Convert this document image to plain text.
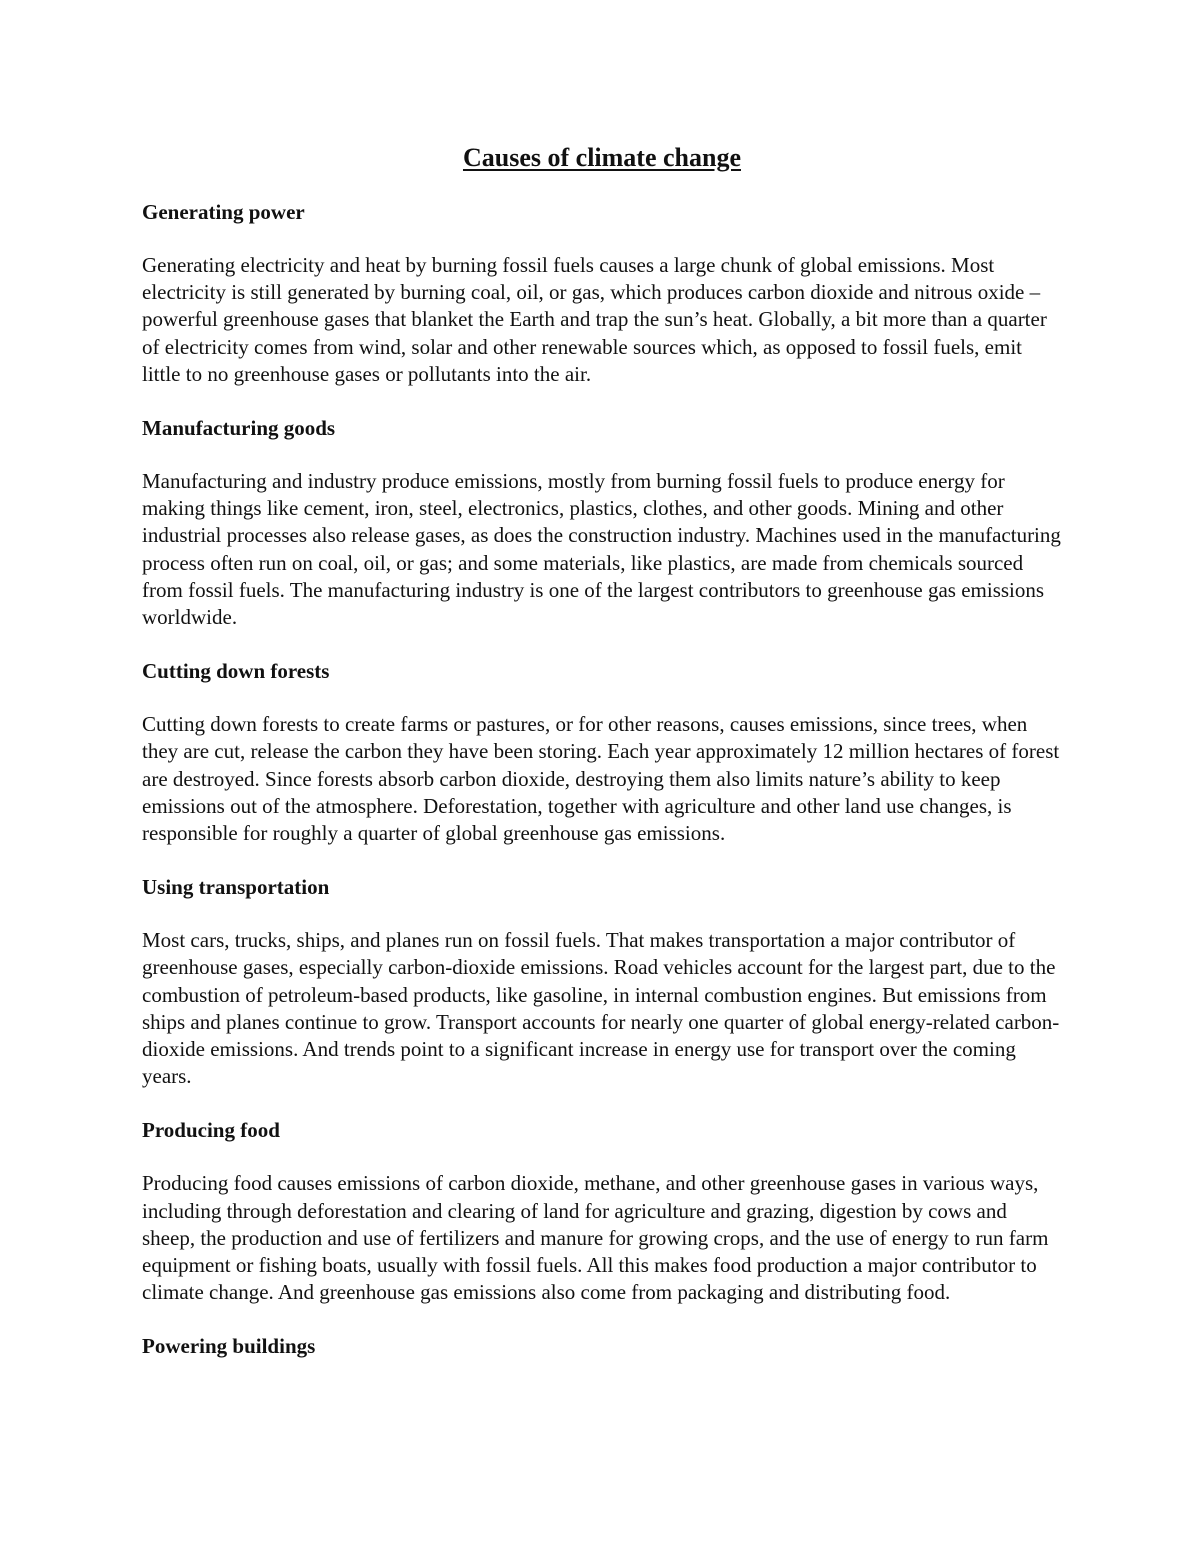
Causes of climate change
Generating power

Generating electricity and heat by burning fossil fuels causes a large chunk of global emissions. Most electricity is still generated by burning coal, oil, or gas, which produces carbon dioxide and nitrous oxide – powerful greenhouse gases that blanket the Earth and trap the sun’s heat. Globally, a bit more than a quarter of electricity comes from wind, solar and other renewable sources which, as opposed to fossil fuels, emit little to no greenhouse gases or pollutants into the air.

Manufacturing goods

Manufacturing and industry produce emissions, mostly from burning fossil fuels to produce energy for making things like cement, iron, steel, electronics, plastics, clothes, and other goods. Mining and other industrial processes also release gases, as does the construction industry. Machines used in the manufacturing process often run on coal, oil, or gas; and some materials, like plastics, are made from chemicals sourced from fossil fuels. The manufacturing industry is one of the largest contributors to greenhouse gas emissions worldwide.

Cutting down forests

Cutting down forests to create farms or pastures, or for other reasons, causes emissions, since trees, when they are cut, release the carbon they have been storing. Each year approximately 12 million hectares of forest are destroyed. Since forests absorb carbon dioxide, destroying them also limits nature’s ability to keep emissions out of the atmosphere. Deforestation, together with agriculture and other land use changes, is responsible for roughly a quarter of global greenhouse gas emissions.

Using transportation

Most cars, trucks, ships, and planes run on fossil fuels. That makes transportation a major contributor of greenhouse gases, especially carbon-dioxide emissions. Road vehicles account for the largest part, due to the combustion of petroleum-based products, like gasoline, in internal combustion engines. But emissions from ships and planes continue to grow. Transport accounts for nearly one quarter of global energy-related carbon-dioxide emissions. And trends point to a significant increase in energy use for transport over the coming years.

Producing food

Producing food causes emissions of carbon dioxide, methane, and other greenhouse gases in various ways, including through deforestation and clearing of land for agriculture and grazing, digestion by cows and sheep, the production and use of fertilizers and manure for growing crops, and the use of energy to run farm equipment or fishing boats, usually with fossil fuels. All this makes food production a major contributor to climate change. And greenhouse gas emissions also come from packaging and distributing food.

Powering buildings
